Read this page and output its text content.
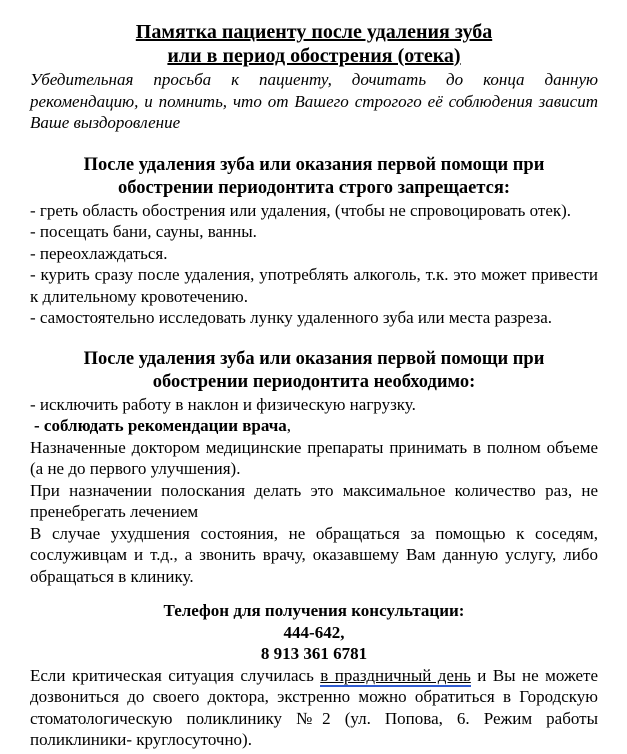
Памятка пациенту после удаления зуба
или в период обострения (отека)

Убедительная просьба к пациенту, дочитать до конца данную рекомендацию, и помнить, что от Вашего строгого её соблюдения зависит Ваше выздоровление

После удаления зуба или оказания первой помощи при обострении периодонтита строго запрещается:

- греть область обострения или удаления, (чтобы не спровоцировать отек).

- посещать бани, сауны, ванны.

- переохлаждаться.

- курить сразу после удаления, употреблять алкоголь, т.к. это может привести к длительному кровотечению.

- самостоятельно исследовать лунку удаленного зуба или места разреза.

После удаления зуба или оказания первой помощи при обострении периодонтита необходимо:

- исключить работу в наклон и физическую нагрузку.

- соблюдать рекомендации врача,

Назначенные доктором медицинские препараты принимать в полном объеме (а не до первого улучшения).

При назначении полоскания делать это максимальное количество раз, не пренебрегать лечением

В случае ухудшения состояния, не обращаться за помощью к соседям, сослуживцам и т.д., а звонить врачу, оказавшему Вам данную услугу, либо обращаться в клинику.

Телефон для получения консультации:
444-642,
8 913 361 6781

Если критическая ситуация случилась в праздничный день и Вы не можете дозвониться до своего доктора, экстренно можно обратиться в Городскую стоматологическую поликлинику №2 (ул. Попова, 6. Режим работы поликлиники- круглосуточно).
